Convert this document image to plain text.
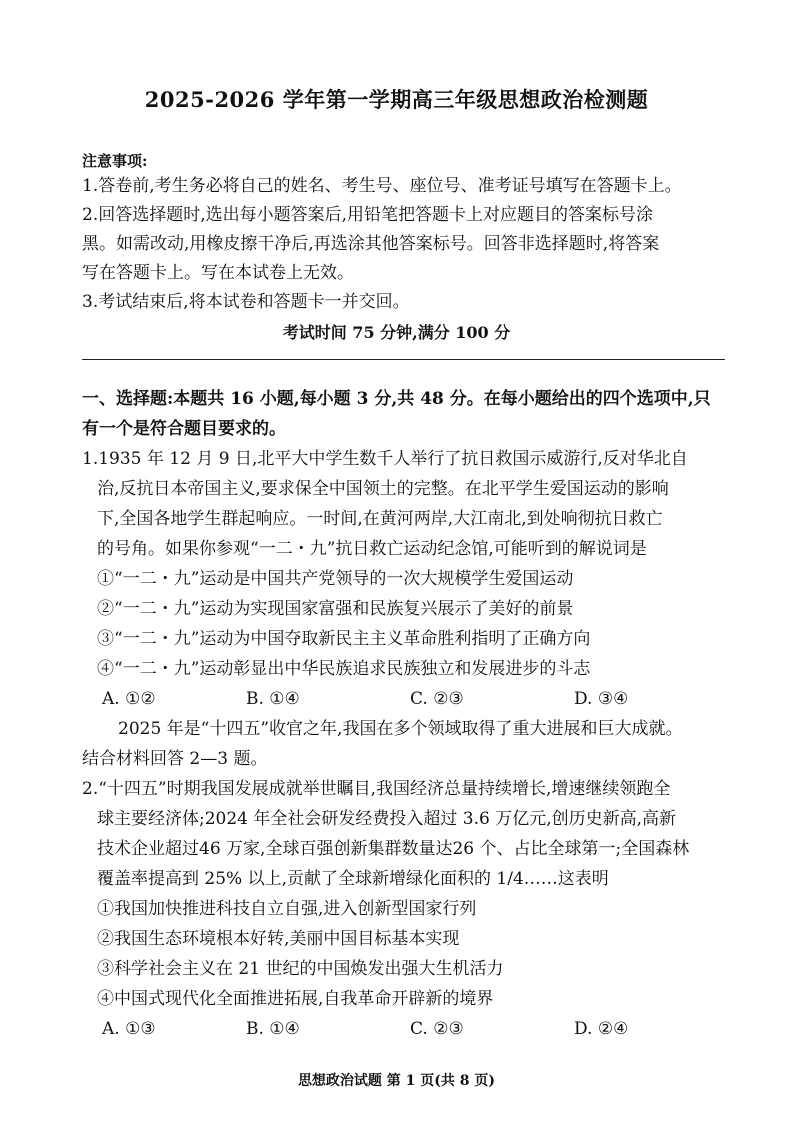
2025-2026 学年第一学期高三年级思想政治检测题
注意事项:
1.答卷前,考生务必将自己的姓名、考生号、座位号、准考证号填写在答题卡上。
2.回答选择题时,选出每小题答案后,用铅笔把答题卡上对应题目的答案标号涂
黑。如需改动,用橡皮擦干净后,再选涂其他答案标号。回答非选择题时,将答案
写在答题卡上。写在本试卷上无效。
3.考试结束后,将本试卷和答题卡一并交回。
考试时间 75 分钟,满分 100 分
一、选择题:本题共 16 小题,每小题 3 分,共 48 分。在每小题给出的四个选项中,只
有一个是符合题目要求的。
1.1935 年 12 月 9 日,北平大中学生数千人举行了抗日救国示威游行,反对华北自
治,反抗日本帝国主义,要求保全中国领土的完整。在北平学生爱国运动的影响
下,全国各地学生群起响应。一时间,在黄河两岸,大江南北,到处响彻抗日救亡
的号角。如果你参观“一二・九”抗日救亡运动纪念馆,可能听到的解说词是
①“一二・九”运动是中国共产党领导的一次大规模学生爱国运动
②“一二・九”运动为实现国家富强和民族复兴展示了美好的前景
③“一二・九”运动为中国夺取新民主主义革命胜利指明了正确方向
④“一二・九”运动彰显出中华民族追求民族独立和发展进步的斗志
A. ①②	B. ①④	C. ②③	D. ③④
2025 年是“十四五”收官之年,我国在多个领域取得了重大进展和巨大成就。
结合材料回答 2—3 题。
2.“十四五”时期我国发展成就举世瞩目,我国经济总量持续增长,增速继续领跑全
球主要经济体;2024 年全社会研发经费投入超过 3.6 万亿元,创历史新高,高新
技术企业超过46 万家,全球百强创新集群数量达26 个、占比全球第一;全国森林
覆盖率提高到 25% 以上,贡献了全球新增绿化面积的 1/4……这表明
①我国加快推进科技自立自强,进入创新型国家行列
②我国生态环境根本好转,美丽中国目标基本实现
③科学社会主义在 21 世纪的中国焕发出强大生机活力
④中国式现代化全面推进拓展,自我革命开辟新的境界
A. ①③	B. ①④	C. ②③	D. ②④
思想政治试题 第 1 页(共 8 页)
